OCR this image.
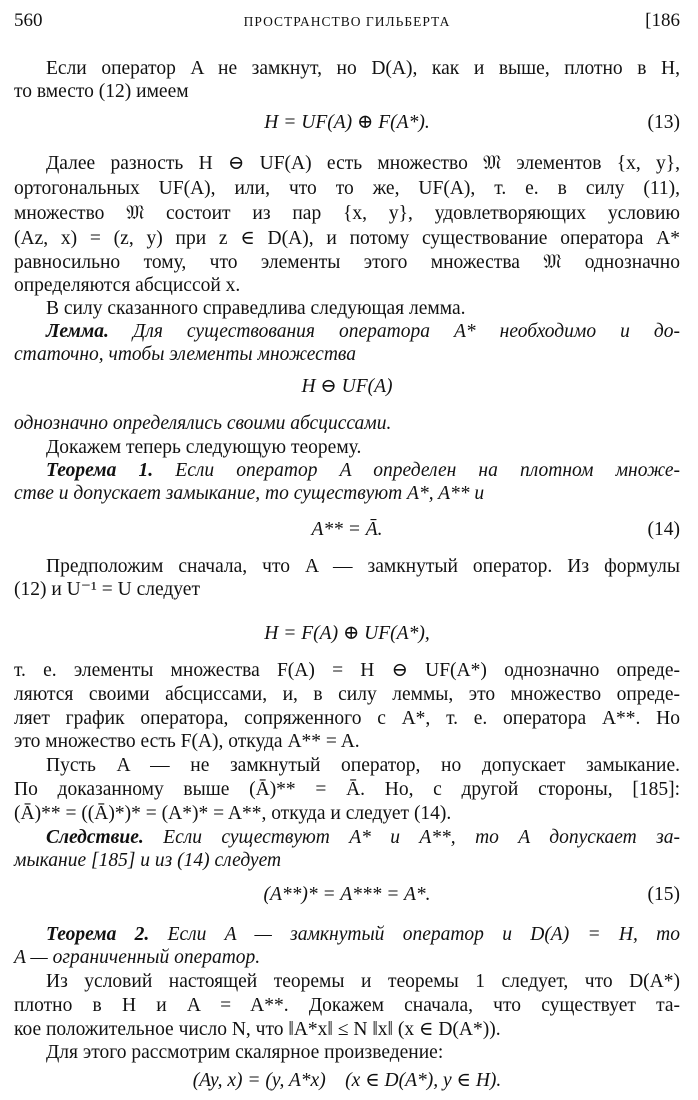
560	ПРОСТРАНСТВО ГИЛЬБЕРТА	[186
Если оператор A не замкнут, но D(A), как и выше, плотно в H,
то вместо (12) имеем
H = UF(A) ⊕ F(A*).	(13)
Далее разность H ⊖ UF(A) есть множество 𝔐 элементов {x, y},
ортогональных UF(A), или, что то же, UF(A), т. е. в силу (11),
множество 𝔐 состоит из пар {x, y}, удовлетворяющих условию
(Az, x) = (z, y) при z ∈ D(A), и потому существование оператора A*
равносильно тому, что элементы этого множества 𝔐 однозначно
определяются абсциссой x.
В силу сказанного справедлива следующая лемма.
Лемма. Для существования оператора A* необходимо и до-
статочно, чтобы элементы множества
H ⊖ UF(A)
однозначно определялись своими абсциссами.
Докажем теперь следующую теорему.
Теорема 1. Если оператор A определен на плотном множе-
стве и допускает замыкание, то существуют A*, A** и
A** = Ā.	(14)
Предположим сначала, что A — замкнутый оператор. Из формулы
(12) и U⁻¹ = U следует
H = F(A) ⊕ UF(A*),
т. е. элементы множества F(A) = H ⊖ UF(A*) однозначно опреде-
ляются своими абсциссами, и, в силу леммы, это множество опреде-
ляет график оператора, сопряженного с A*, т. е. оператора A**. Но
это множество есть F(A), откуда A** = A.
Пусть A — не замкнутый оператор, но допускает замыкание.
По доказанному выше (Ā)** = Ā. Но, с другой стороны, [185]:
(Ā)** = ((Ā)*)* = (A*)* = A**, откуда и следует (14).
Следствие. Если существуют A* и A**, то A допускает за-
мыкание [185] и из (14) следует
(A**)* = A*** = A*.	(15)
Теорема 2. Если A — замкнутый оператор и D(A) = H, то
A — ограниченный оператор.
Из условий настоящей теоремы и теоремы 1 следует, что D(A*)
плотно в H и A = A**. Докажем сначала, что существует та-
кое положительное число N, что ‖A*x‖ ≤ N ‖x‖ (x ∈ D(A*)).
Для этого рассмотрим скалярное произведение:
(Ay, x) = (y, A*x)    (x ∈ D(A*), y ∈ H).
